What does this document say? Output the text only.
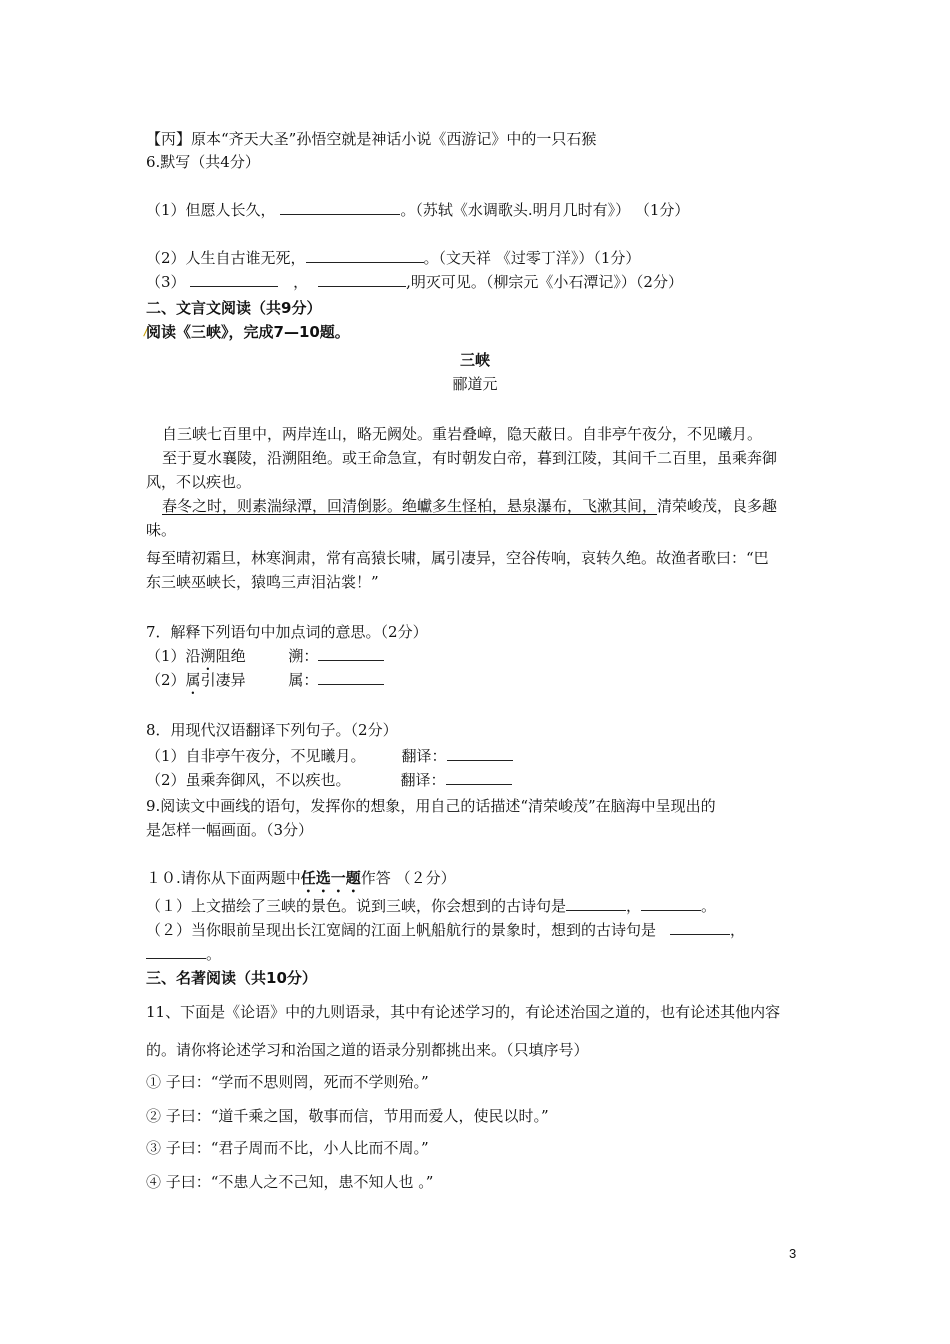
【丙】原本“齐天大圣”孙悟空就是神话小说《西游记》中的一只石猴
6.默写（共4分）
（1）但愿人长久，	。（苏轼《水调歌头.明月几时有》） （1分）
（2）人生自古谁无死，	。（文天祥 《过零丁洋》）（1分）
（3）	，	,明灭可见。（柳宗元《小石潭记》）（2分）
二、文言文阅读（共9分）
阅读《三峡》，完成7—10题。
三峡
郦道元
自三峡七百里中，两岸连山，略无阙处。重岩叠嶂，隐天蔽日。自非亭午夜分，不见曦月。
至于夏水襄陵，沿溯阻绝。或王命急宣，有时朝发白帝，暮到江陵，其间千二百里，虽乘奔御
风，不以疾也。
春冬之时，则素湍绿潭，回清倒影。绝巘多生怪柏，悬泉瀑布，飞漱其间，清荣峻茂，良多趣
味。
每至晴初霜旦，林寒涧肃，常有高猿长啸，属引凄异，空谷传响，哀转久绝。故渔者歌曰：“巴
东三峡巫峡长，猿鸣三声泪沾裳！”
7．解释下列语句中加点词的意思。（2分）
（1）沿溯阻绝	溯：
（2）属引凄异	属：
8．用现代汉语翻译下列句子。（2分）
（1）自非亭午夜分，不见曦月。 翻译：
（2）虽乘奔御风，不以疾也。	翻译：
9.阅读文中画线的语句，发挥你的想象，用自己的话描述“清荣峻茂”在脑海中呈现出的
是怎样一幅画面。（3分）
１０.请你从下面两题中任选一题作答 （２分）
（１）上文描绘了三峡的景色。说到三峡，你会想到的古诗句是	，	。
（２）当你眼前呈现出长江宽阔的江面上帆船航行的景象时，想到的古诗句是	，
。
三、名著阅读（共10分）
11、下面是《论语》中的九则语录，其中有论述学习的，有论述治国之道的，也有论述其他内容
的。请你将论述学习和治国之道的语录分别都挑出来。（只填序号）
① 子曰：“学而不思则罔，死而不学则殆。”
② 子曰：“道千乘之国，敬事而信，节用而爱人，使民以时。”
③ 子曰：“君子周而不比，小人比而不周。”
④ 子曰：“不患人之不己知，患不知人也 。”
3
